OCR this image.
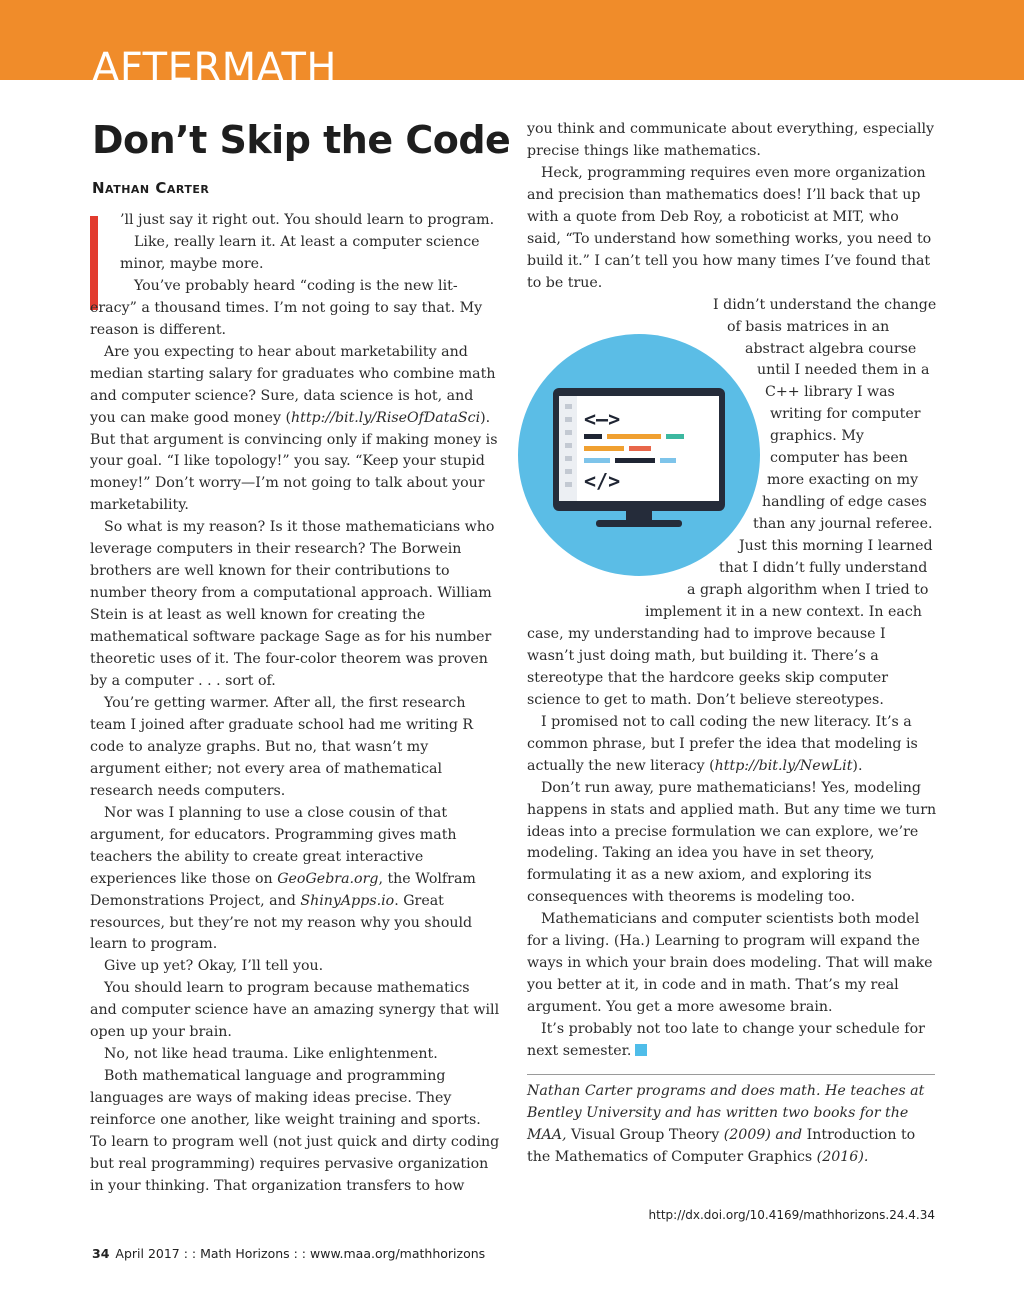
AFTERMATH
Don’t Skip the Code
Nathan Carter

’ll just say it right out. You should learn to program.

Like, really learn it. At least a computer science minor, maybe more.

You’ve probably heard “coding is the new lit-

eracy” a thousand times. I’m not going to say that. My reason is different.

Are you expecting to hear about marketability and median starting salary for graduates who combine math and computer science? Sure, data science is hot, and you can make good money (http://bit.ly/RiseOfDataSci). But that argument is convincing only if making money is your goal. “I like topology!” you say. “Keep your stupid money!” Don’t worry—I’m not going to talk about your marketability.

So what is my reason? Is it those mathematicians who leverage computers in their research? The Borwein brothers are well known for their contributions to number theory from a computational approach. William Stein is at least as well known for creating the mathematical software package Sage as for his number theoretic uses of it. The four-color theorem was proven by a computer . . . sort of.

You’re getting warmer. After all, the first research team I joined after graduate school had me writing R code to analyze graphs. But no, that wasn’t my argument either; not every area of mathematical research needs computers.

Nor was I planning to use a close cousin of that argument, for educators. Programming gives math teachers the ability to create great interactive experiences like those on GeoGebra.org, the Wolfram Demonstrations Project, and ShinyApps.io. Great resources, but they’re not my reason why you should learn to program.

Give up yet? Okay, I’ll tell you.

You should learn to program because mathematics and computer science have an amazing synergy that will open up your brain.

No, not like head trauma. Like enlightenment.

Both mathematical language and programming languages are ways of making ideas precise. They reinforce one another, like weight training and sports. To learn to program well (not just quick and dirty coding but real programming) requires pervasive organization in your thinking. That organization transfers to how

<—>
</>

you think and communicate about everything, especially precise things like mathematics.

Heck, programming requires even more organization and precision than mathematics does! I’ll back that up with a quote from Deb Roy, a roboticist at MIT, who said, “To understand how something works, you need to build it.” I can’t tell you how many times I’ve found that to be true.

I didn’t understand the change of basis matrices in an abstract algebra course until I needed them in a C++ library I was writing for computer graphics. My computer has been more exacting on my handling of edge cases than any journal referee. Just this morning I learned that I didn’t fully understand a graph algorithm when I tried to implement it in a new context. In each case, my understanding had to improve because I wasn’t just doing math, but building it. There’s a stereotype that the hardcore geeks skip computer science to get to math. Don’t believe stereotypes.

I promised not to call coding the new literacy. It’s a common phrase, but I prefer the idea that modeling is actually the new literacy (http://bit.ly/NewLit).

Don’t run away, pure mathematicians! Yes, modeling happens in stats and applied math. But any time we turn ideas into a precise formulation we can explore, we’re modeling. Taking an idea you have in set theory, formulating it as a new axiom, and exploring its consequences with theorems is modeling too.

Mathematicians and computer scientists both model for a living. (Ha.) Learning to program will expand the ways in which your brain does modeling. That will make you better at it, in code and in math. That’s my real argument. You get a more awesome brain.

It’s probably not too late to change your schedule for next semester.

Nathan Carter programs and does math. He teaches at Bentley University and has written two books for the MAA, Visual Group Theory (2009) and Introduction to the Mathematics of Computer Graphics (2016).

http://dx.doi.org/10.4169/mathhorizons.24.4.34
34 April 2017 : : Math Horizons : : www.maa.org/mathhorizons
